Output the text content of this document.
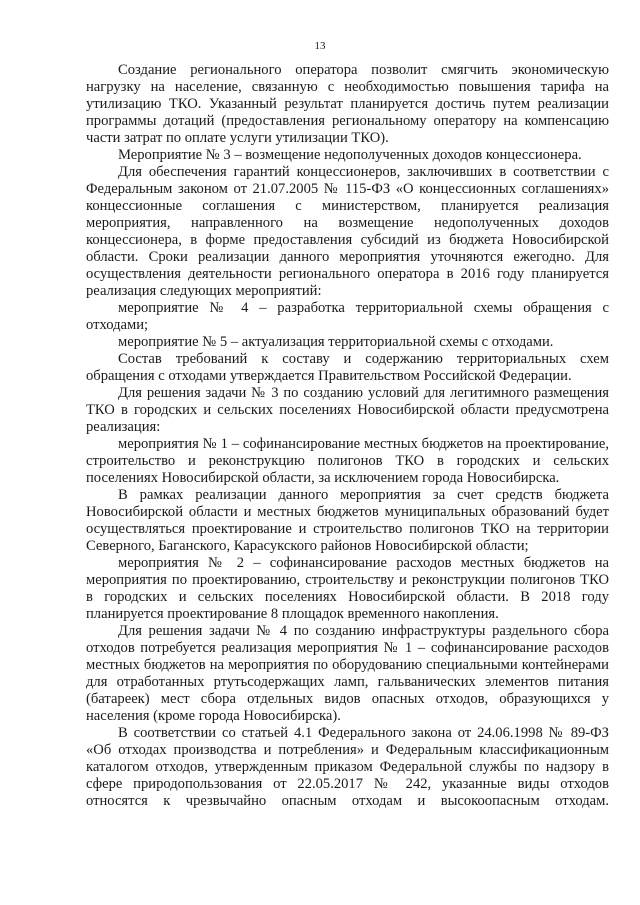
13

Создание регионального оператора позволит смягчить экономическую нагрузку на население, связанную с необходимостью повышения тарифа на утилизацию ТКО. Указанный результат планируется достичь путем реализации программы дотаций (предоставления региональному оператору на компенсацию части затрат по оплате услуги утилизации ТКО).

Мероприятие № 3 – возмещение недополученных доходов концессионера.

Для обеспечения гарантий концессионеров, заключивших в соответствии с Федеральным законом от 21.07.2005 № 115-ФЗ «О концессионных соглашениях» концессионные соглашения с министерством, планируется реализация мероприятия, направленного на возмещение недополученных доходов концессионера, в форме предоставления субсидий из бюджета Новосибирской области. Сроки реализации данного мероприятия уточняются ежегодно. Для осуществления деятельности регионального оператора в 2016 году планируется реализация следующих мероприятий:

мероприятие № 4 – разработка территориальной схемы обращения с отходами;

мероприятие № 5 – актуализация территориальной схемы с отходами.

Состав требований к составу и содержанию территориальных схем обращения с отходами утверждается Правительством Российской Федерации.

Для решения задачи № 3 по созданию условий для легитимного размещения ТКО в городских и сельских поселениях Новосибирской области предусмотрена реализация:

мероприятия № 1 – софинансирование местных бюджетов на проектирование, строительство и реконструкцию полигонов ТКО в городских и сельских поселениях Новосибирской области, за исключением города Новосибирска.

В рамках реализации данного мероприятия за счет средств бюджета Новосибирской области и местных бюджетов муниципальных образований будет осуществляться проектирование и строительство полигонов ТКО на территории Северного, Баганского, Карасукского районов Новосибирской области;

мероприятия № 2 – софинансирование расходов местных бюджетов на мероприятия по проектированию, строительству и реконструкции полигонов ТКО в городских и сельских поселениях Новосибирской области. В 2018 году планируется проектирование 8 площадок временного накопления.

Для решения задачи № 4 по созданию инфраструктуры раздельного сбора отходов потребуется реализация мероприятия № 1 – софинансирование расходов местных бюджетов на мероприятия по оборудованию специальными контейнерами для отработанных ртутьсодержащих ламп, гальванических элементов питания (батареек) мест сбора отдельных видов опасных отходов, образующихся у населения (кроме города Новосибирска).

В соответствии со статьей 4.1 Федерального закона от 24.06.1998 № 89-ФЗ «Об отходах производства и потребления» и Федеральным классификационным каталогом отходов, утвержденным приказом Федеральной службы по надзору в сфере природопользования от 22.05.2017 № 242, указанные виды отходов относятся к чрезвычайно опасным отходам и высокоопасным отходам.
